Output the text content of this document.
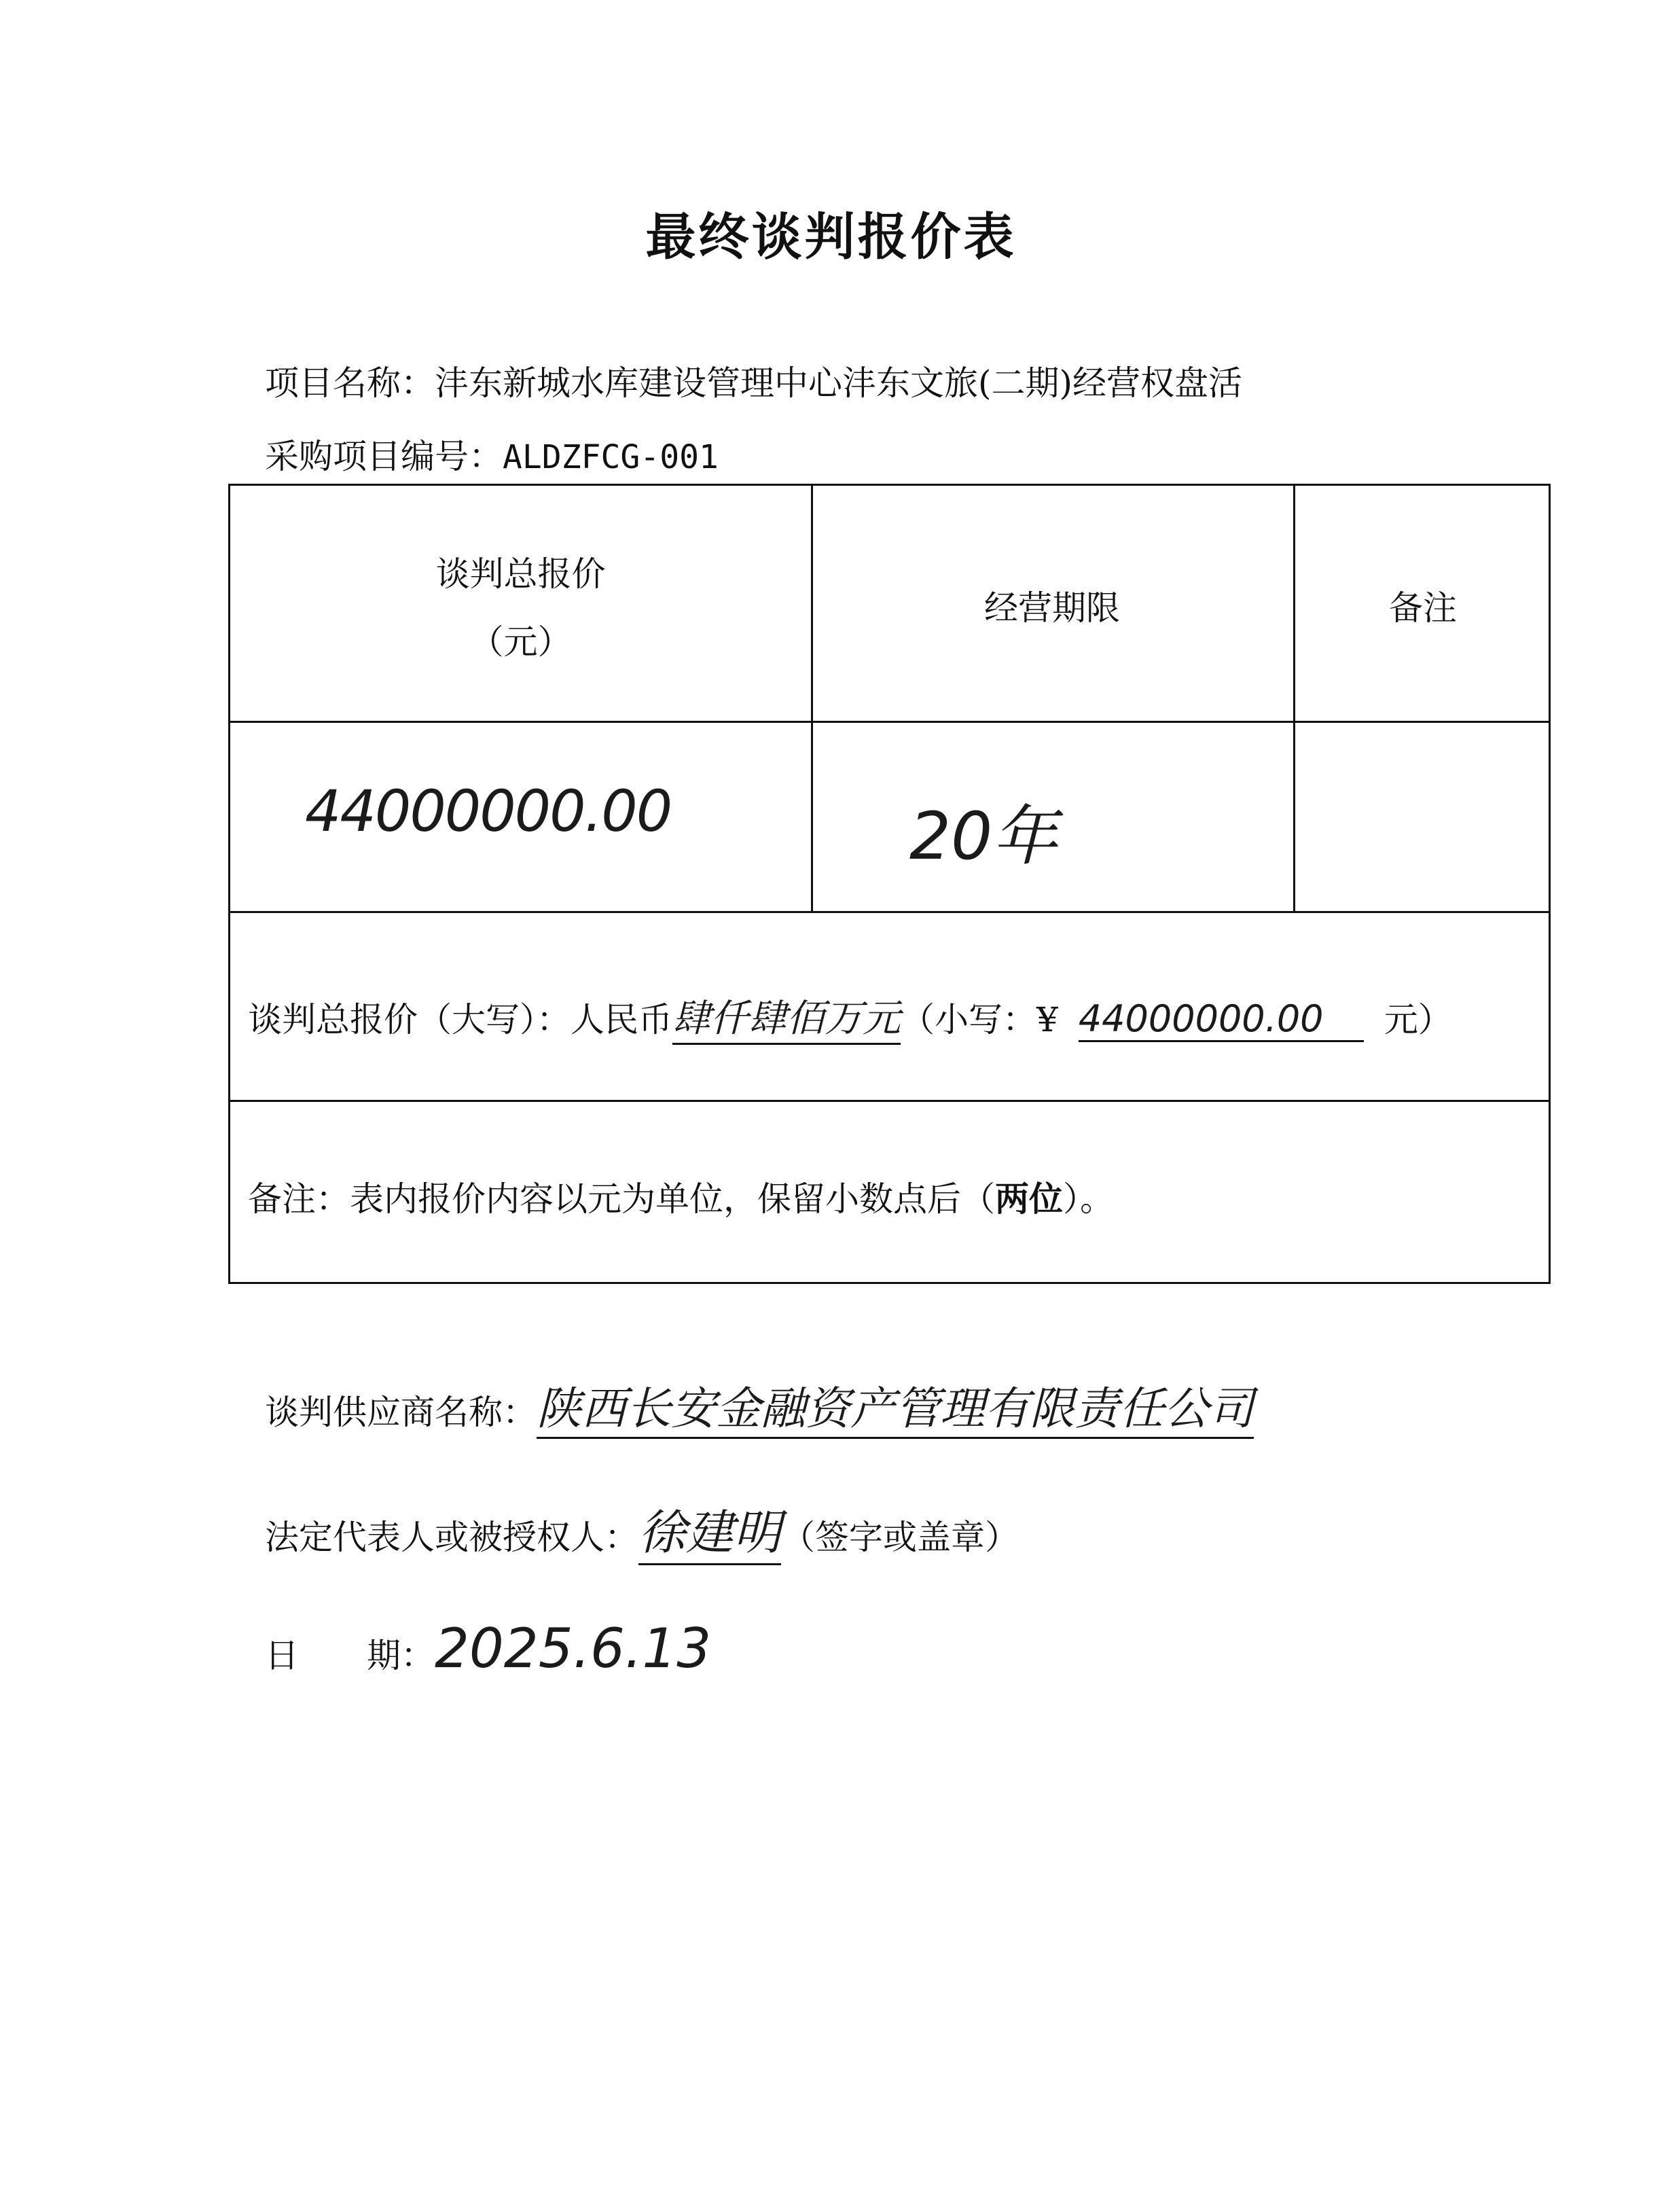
最终谈判报价表
项目名称：沣东新城水库建设管理中心沣东文旅(二期)经营权盘活
采购项目编号：ALDZFCG-001
谈判总报价
（元）
经营期限	备注
44000000.00	20年
谈判总报价（大写）：人民币肆仟肆佰万元（小写：¥ 44000000.00 元）
备注：表内报价内容以元为单位，保留小数点后（两位）。
谈判供应商名称：陕西长安金融资产管理有限责任公司
法定代表人或被授权人：徐建明（签字或盖章）
日　　期：2025.6.13
